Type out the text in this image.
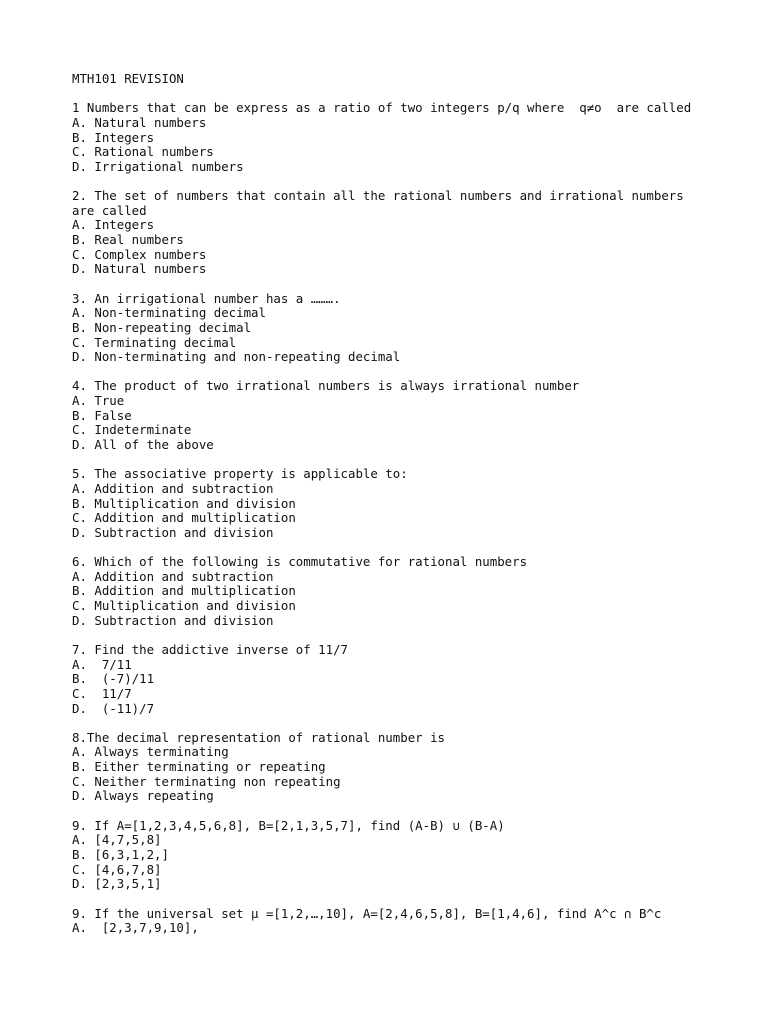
MTH101 REVISION
1 Numbers that can be express as a ratio of two integers p/q where  q≠o  are called
A. Natural numbers
B. Integers
C. Rational numbers
D. Irrigational numbers
2. The set of numbers that contain all the rational numbers and irrational numbers
are called
A. Integers
B. Real numbers
C. Complex numbers
D. Natural numbers
3. An irrigational number has a ……….
A. Non-terminating decimal
B. Non-repeating decimal
C. Terminating decimal
D. Non-terminating and non-repeating decimal
4. The product of two irrational numbers is always irrational number
A. True
B. False
C. Indeterminate
D. All of the above
5. The associative property is applicable to:
A. Addition and subtraction
B. Multiplication and division
C. Addition and multiplication
D. Subtraction and division
6. Which of the following is commutative for rational numbers
A. Addition and subtraction
B. Addition and multiplication
C. Multiplication and division
D. Subtraction and division
7. Find the addictive inverse of 11/7
A.  7/11
B.  (-7)/11
C.  11/7
D.  (-11)/7
8.The decimal representation of rational number is
A. Always terminating
B. Either terminating or repeating
C. Neither terminating non repeating
D. Always repeating
9. If A=[1,2,3,4,5,6,8], B=[2,1,3,5,7], find (A-B) ∪ (B-A)
A. [4,7,5,8]
B. [6,3,1,2,]
C. [4,6,7,8]
D. [2,3,5,1]
9. If the universal set μ =[1,2,…,10], A=[2,4,6,5,8], B=[1,4,6], find A^c ∩ B^c
A.  [2,3,7,9,10],
